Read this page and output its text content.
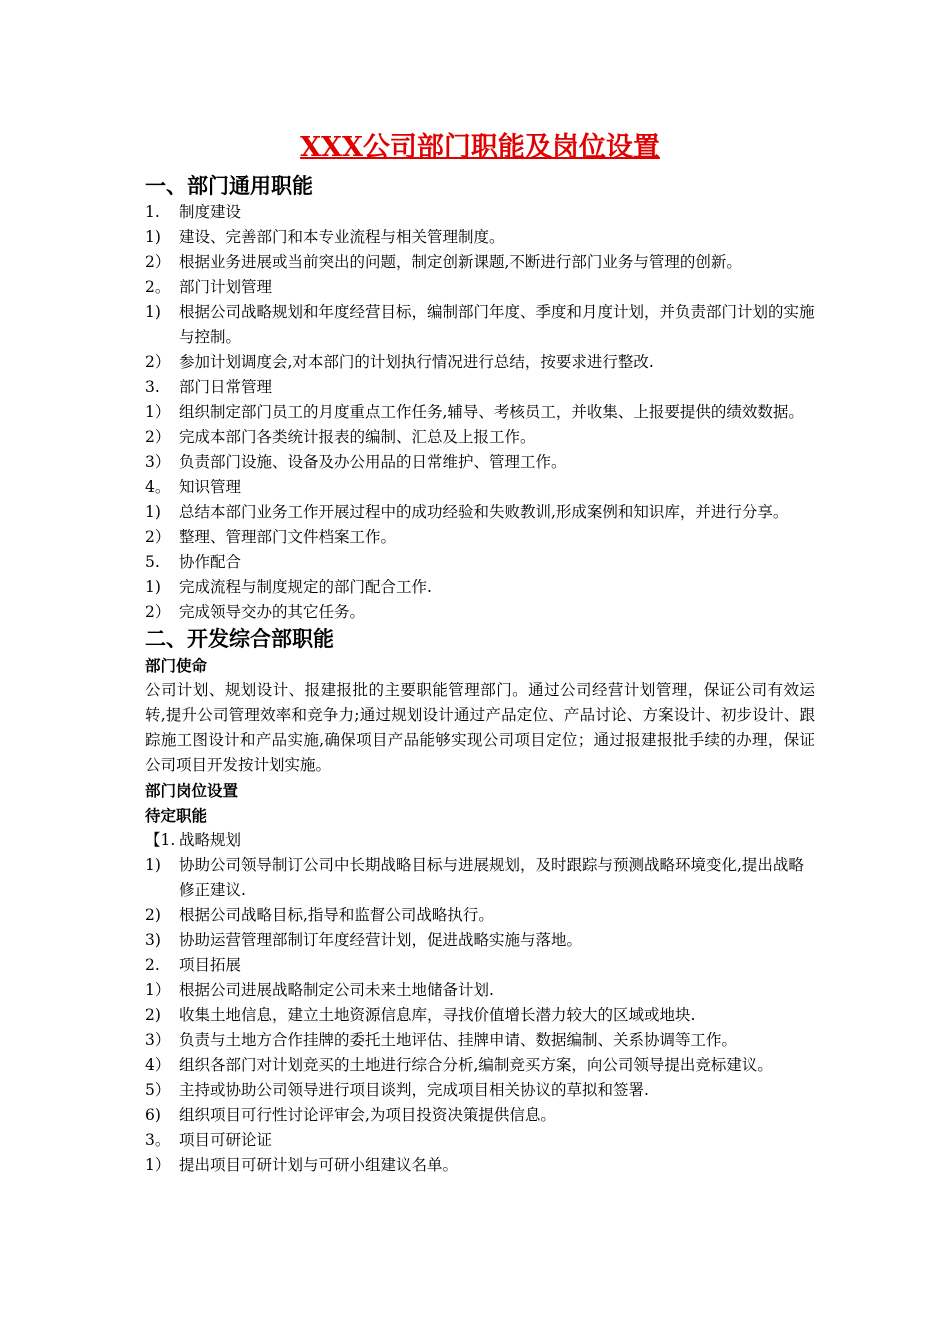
XXX公司部门职能及岗位设置
一、部门通用职能
1.	制度建设
1)	建设、完善部门和本专业流程与相关管理制度。
2） 根据业务进展或当前突出的问题，制定创新课题,不断进行部门业务与管理的创新。
2。 部门计划管理
1)	根据公司战略规划和年度经营目标，编制部门年度、季度和月度计划，并负责部门计划的实施与控制。
2） 参加计划调度会,对本部门的计划执行情况进行总结，按要求进行整改.
3.	部门日常管理
1） 组织制定部门员工的月度重点工作任务,辅导、考核员工，并收集、上报要提供的绩效数据。
2） 完成本部门各类统计报表的编制、汇总及上报工作。
3） 负责部门设施、设备及办公用品的日常维护、管理工作。
4。 知识管理
1)	总结本部门业务工作开展过程中的成功经验和失败教训,形成案例和知识库，并进行分享。
2） 整理、管理部门文件档案工作。
5.	协作配合
1)	完成流程与制度规定的部门配合工作.
2） 完成领导交办的其它任务。
二、开发综合部职能
部门使命
公司计划、规划设计、报建报批的主要职能管理部门。通过公司经营计划管理，保证公司有效运转,提升公司管理效率和竞争力;通过规划设计通过产品定位、产品讨论、方案设计、初步设计、跟踪施工图设计和产品实施,确保项目产品能够实现公司项目定位；通过报建报批手续的办理，保证公司项目开发按计划实施。
部门岗位设置
待定职能
【1. 战略规划
1)	协助公司领导制订公司中长期战略目标与进展规划，及时跟踪与预测战略环境变化,提出战略修正建议.
2)	根据公司战略目标,指导和监督公司战略执行。
3)	协助运营管理部制订年度经营计划，促进战略实施与落地。
2.	项目拓展
1） 根据公司进展战略制定公司未来土地储备计划.
2)	收集土地信息，建立土地资源信息库，寻找价值增长潜力较大的区域或地块.
3） 负责与土地方合作挂牌的委托土地评估、挂牌申请、数据编制、关系协调等工作。
4） 组织各部门对计划竞买的土地进行综合分析,编制竞买方案，向公司领导提出竞标建议。
5） 主持或协助公司领导进行项目谈判，完成项目相关协议的草拟和签署.
6)	组织项目可行性讨论评审会,为项目投资决策提供信息。
3。 项目可研论证
1） 提出项目可研计划与可研小组建议名单。
